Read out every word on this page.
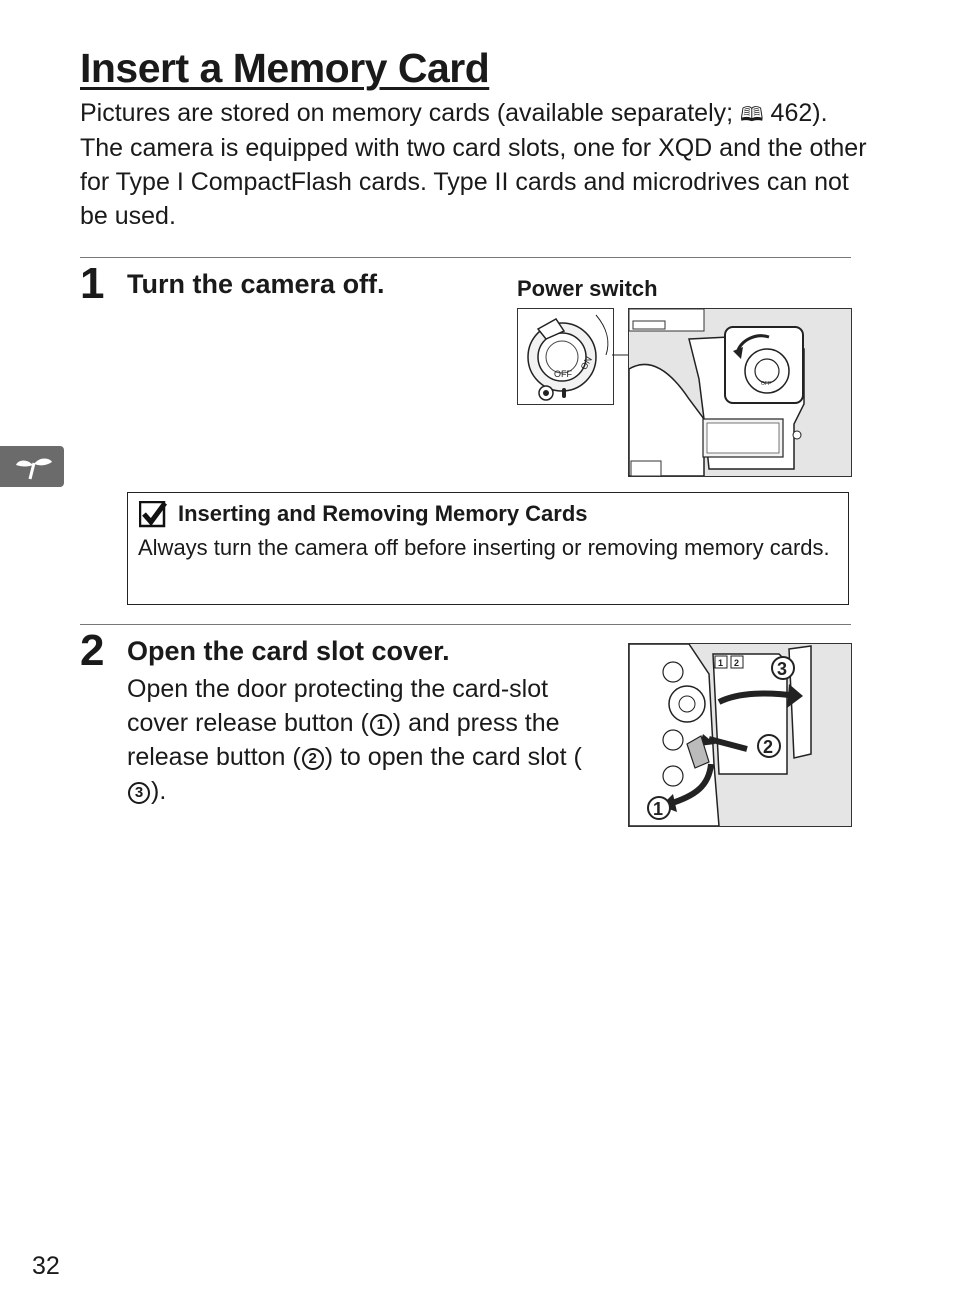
Insert a Memory Card

Pictures are stored on memory cards (available separately; 🕮 462). The camera is equipped with two card slots, one for XQD and the other for Type I CompactFlash cards. Type II cards and microdrives can not be used.

1 Turn the camera off.	Power switch
OFF
ON
OFF
Inserting and Removing Memory Cards
Always turn the camera off before inserting or removing memory cards.
2 Open the card slot cover.

Open the door protecting the card-slot cover release button ( 1 ) and press the release button ( 2 ) to open the card slot (3 ).

1 2 3
2
1
32
